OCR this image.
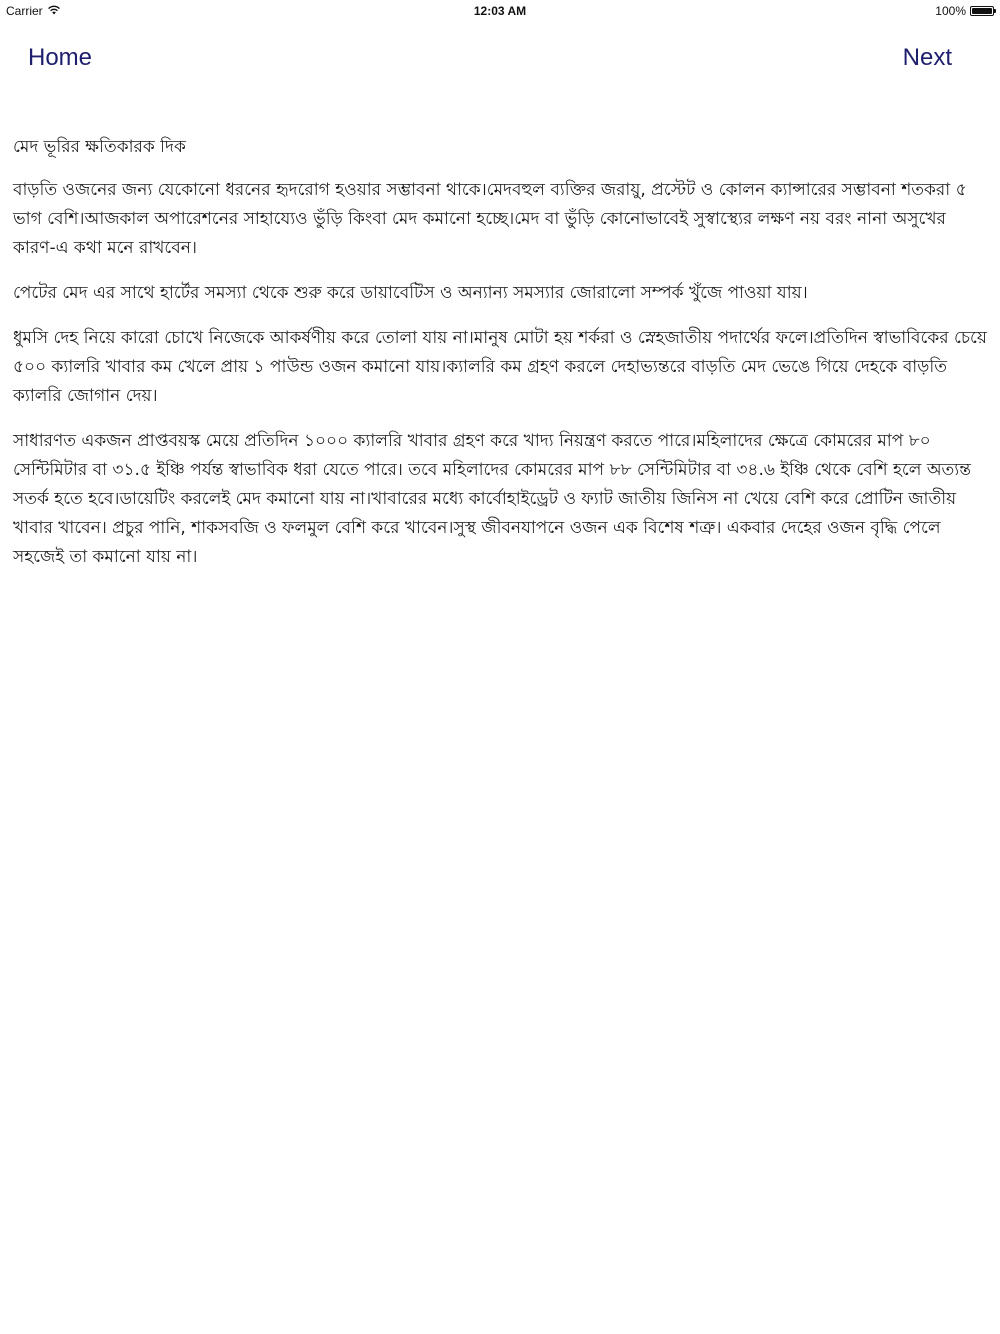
Carrier	12:03 AM	100%
Home	Next

মেদ ভূরির ক্ষতিকারক দিক

বাড়তি ওজনের জন্য যেকোনো ধরনের হৃদরোগ হওয়ার সম্ভাবনা থাকে।মেদবহুল ব্যক্তির জরায়ু, প্রস্টেট ও কোলন ক্যান্সারের সম্ভাবনা শতকরা ৫ ভাগ বেশি।আজকাল অপারেশনের সাহায্যেও ভুঁড়ি কিংবা মেদ কমানো হচ্ছে।মেদ বা ভুঁড়ি কোনোভাবেই সুস্বাস্থ্যের লক্ষণ নয় বরং নানা অসুখের কারণ-এ কথা মনে রাখবেন।

পেটের মেদ এর সাথে হার্টের সমস্যা থেকে শুরু করে ডায়াবেটিস ও অন্যান্য সমস্যার জোরালো সম্পর্ক খুঁজে পাওয়া যায়।

ধুমসি দেহ নিয়ে কারো চোখে নিজেকে আকর্ষণীয় করে তোলা যায় না।মানুষ মোটা হয় শর্করা ও স্নেহজাতীয় পদার্থের ফলে।প্রতিদিন স্বাভাবিকের চেয়ে ৫০০ ক্যালরি খাবার কম খেলে প্রায় ১ পাউন্ড ওজন কমানো যায়।ক্যালরি কম গ্রহণ করলে দেহাভ্যন্তরে বাড়তি মেদ ভেঙে গিয়ে দেহকে বাড়তি ক্যালরি জোগান দেয়।

সাধারণত একজন প্রাপ্তবয়স্ক মেয়ে প্রতিদিন ১০০০ ক্যালরি খাবার গ্রহণ করে খাদ্য নিয়ন্ত্রণ করতে পারে।মহিলাদের ক্ষেত্রে কোমরের মাপ ৮০ সেন্টিমিটার বা ৩১.৫ ইঞ্চি পর্যন্ত স্বাভাবিক ধরা যেতে পারে। তবে মহিলাদের কোমরের মাপ ৮৮ সেন্টিমিটার বা ৩৪.৬ ইঞ্চি থেকে বেশি হলে অত্যন্ত সতর্ক হতে হবে।ডায়েটিং করলেই মেদ কমানো যায় না।খাবারের মধ্যে কার্বোহাইড্রেট ও ফ্যাট জাতীয় জিনিস না খেয়ে বেশি করে প্রোটিন জাতীয় খাবার খাবেন। প্রচুর পানি, শাকসবজি ও ফলমুল বেশি করে খাবেন।সুস্থ জীবনযাপনে ওজন এক বিশেষ শত্রু। একবার দেহের ওজন বৃদ্ধি পেলে সহজেই তা কমানো যায় না।
